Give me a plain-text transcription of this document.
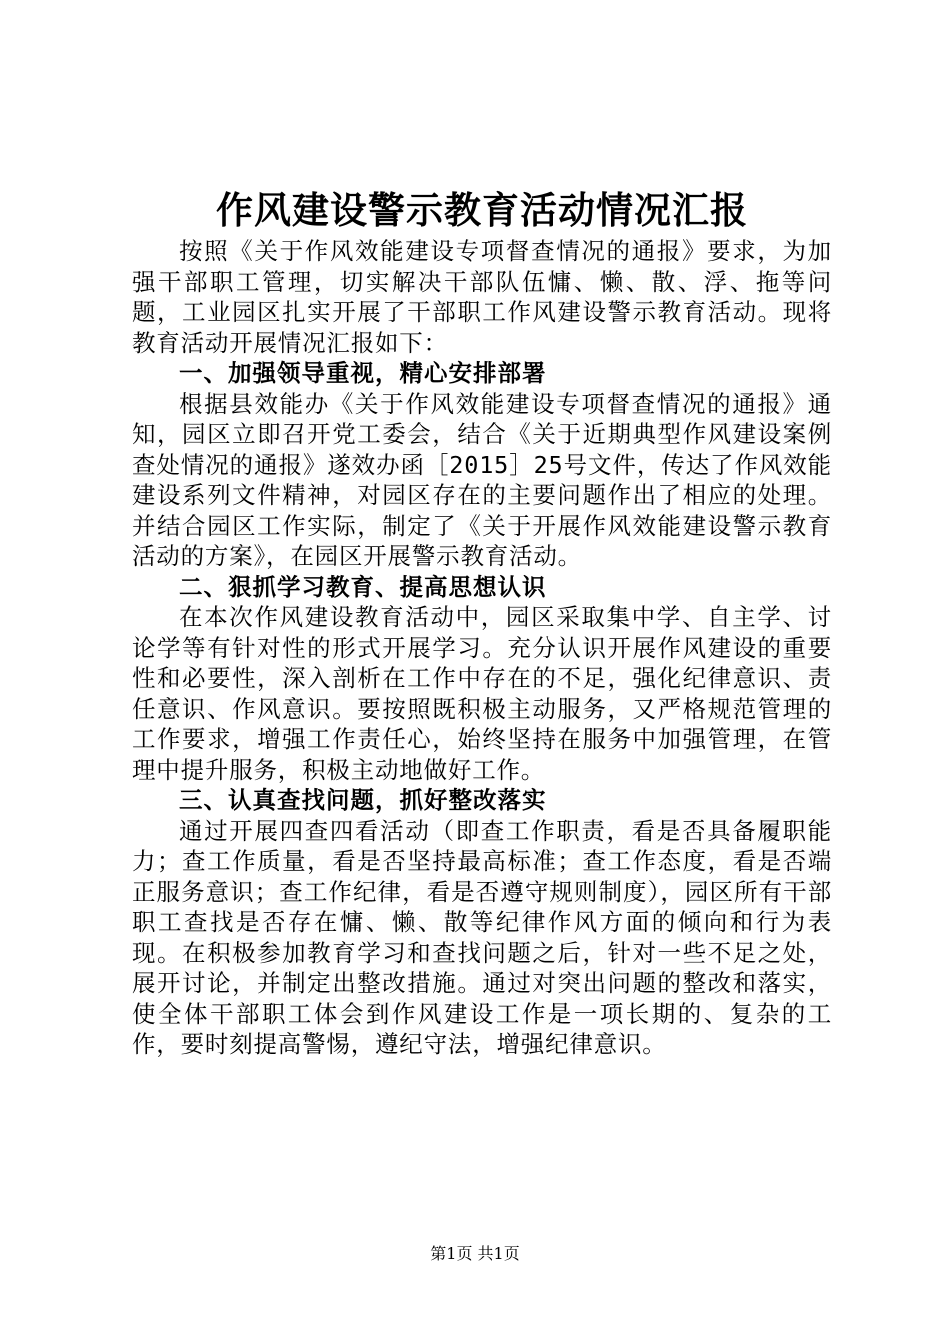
作风建设警示教育活动情况汇报

按照《关于作风效能建设专项督查情况的通报》要求，为加强干部职工管理，切实解决干部队伍慵、懒、散、浮、拖等问题，工业园区扎实开展了干部职工作风建设警示教育活动。现将教育活动开展情况汇报如下：

一、加强领导重视，精心安排部署

根据县效能办《关于作风效能建设专项督查情况的通报》通知，园区立即召开党工委会，结合《关于近期典型作风建设案例查处情况的通报》遂效办函［2015］25号文件，传达了作风效能建设系列文件精神，对园区存在的主要问题作出了相应的处理。并结合园区工作实际，制定了《关于开展作风效能建设警示教育活动的方案》，在园区开展警示教育活动。

二、狠抓学习教育、提高思想认识

在本次作风建设教育活动中，园区采取集中学、自主学、讨论学等有针对性的形式开展学习。充分认识开展作风建设的重要性和必要性，深入剖析在工作中存在的不足，强化纪律意识、责任意识、作风意识。要按照既积极主动服务，又严格规范管理的工作要求，增强工作责任心，始终坚持在服务中加强管理，在管理中提升服务，积极主动地做好工作。

三、认真查找问题，抓好整改落实

通过开展四查四看活动（即查工作职责，看是否具备履职能力；查工作质量，看是否坚持最高标准；查工作态度，看是否端正服务意识；查工作纪律，看是否遵守规则制度），园区所有干部职工查找是否存在慵、懒、散等纪律作风方面的倾向和行为表现。在积极参加教育学习和查找问题之后，针对一些不足之处，展开讨论，并制定出整改措施。通过对突出问题的整改和落实，使全体干部职工体会到作风建设工作是一项长期的、复杂的工作，要时刻提高警惕，遵纪守法，增强纪律意识。

第1页 共1页
